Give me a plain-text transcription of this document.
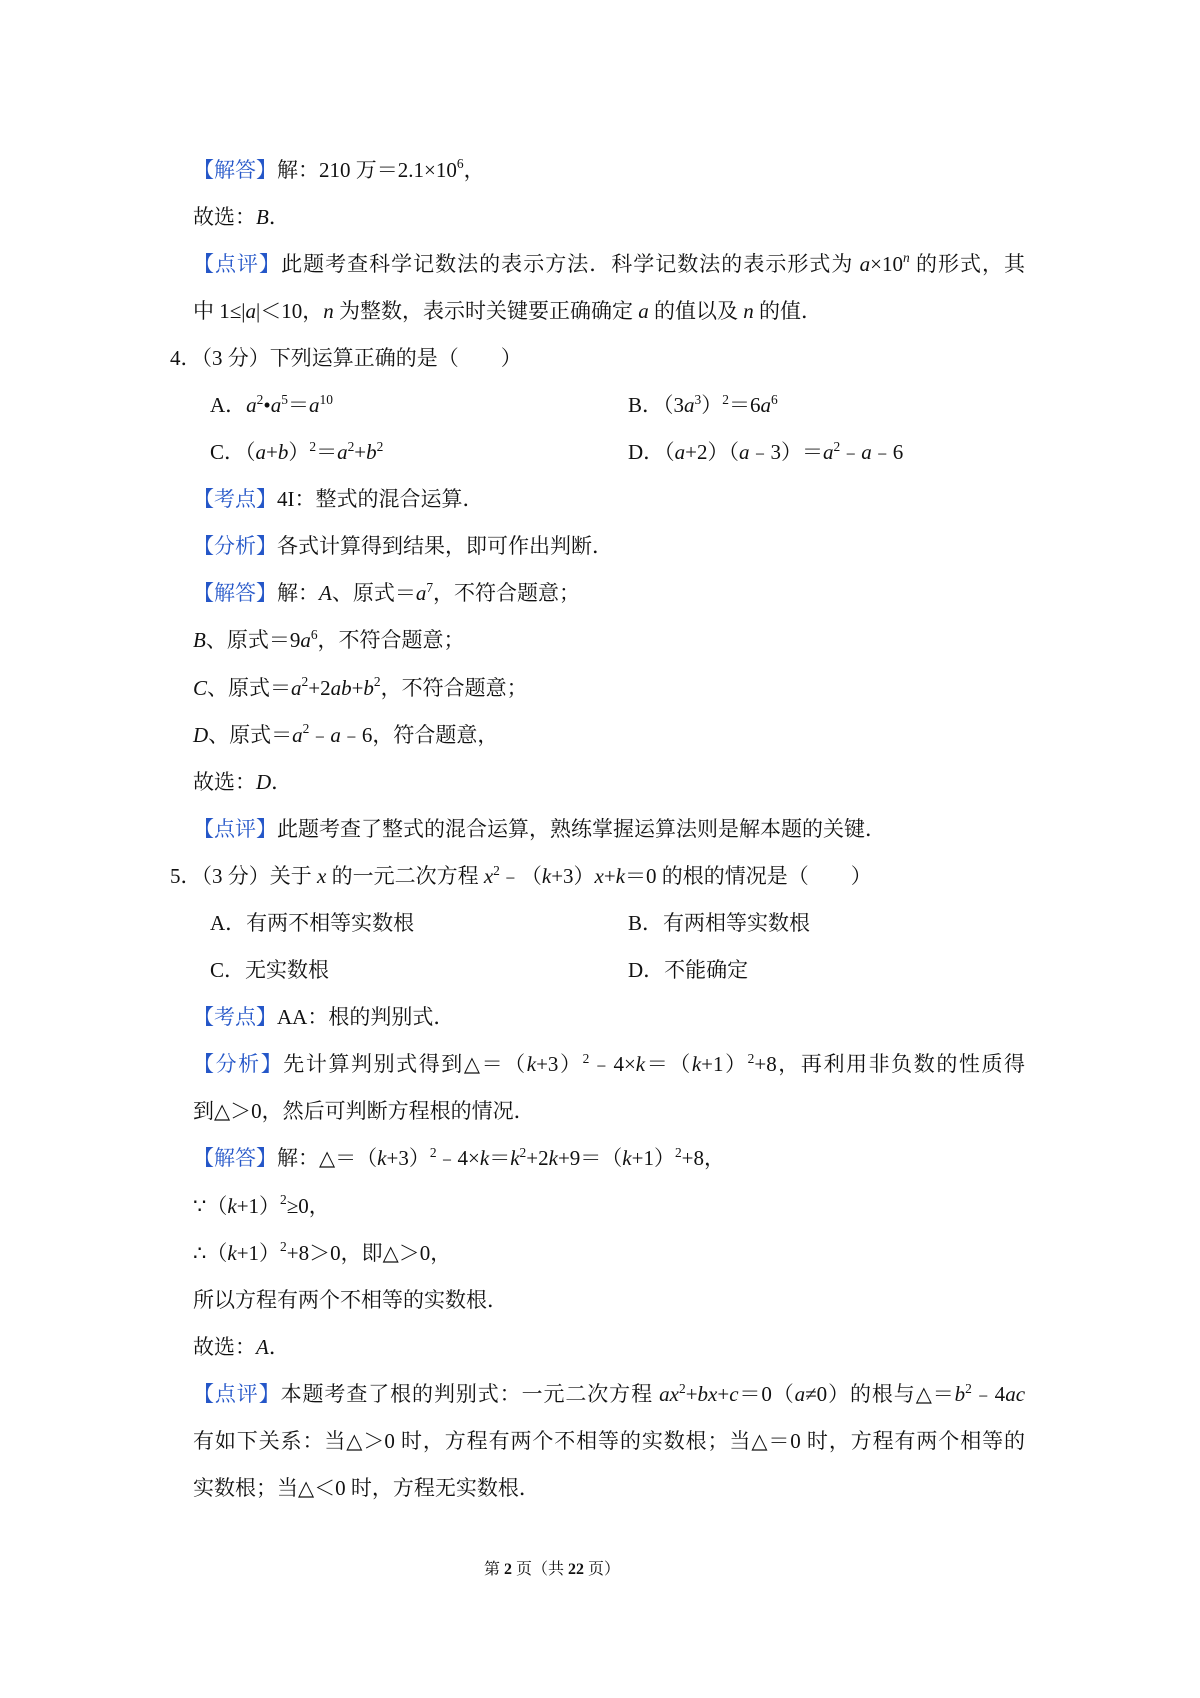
【解答】解：210 万$=2.1\times 10^6$，
故选：B．
【点评】此题考查科学记数法的表示方法．科学记数法的表示形式为 $a\times 10^n$ 的形式，其
中 1≤|a|＜10，n 为整数，表示时关键要正确确定 a 的值以及 n 的值．
4．（3 分）下列运算正确的是（　　）
A．$a^2•a^5=a^{10}$	B．$(3a^3)^2=6a^6$
C．$(a+b)^2=a^2+b^2$	D．$(a+2)(a﹣3)=a^2﹣a﹣6$
【考点】4I：整式的混合运算．
【分析】各式计算得到结果，即可作出判断．
【解答】解：A、原式$=a^7$，不符合题意；
B、原式$=9a^6$，不符合题意；
C、原式$=a^2+2ab+b^2$，不符合题意；
D、原式$=a^2﹣a﹣6$，符合题意，
故选：D．
【点评】此题考查了整式的混合运算，熟练掌握运算法则是解本题的关键．
5．（3 分）关于 x 的一元二次方程 $x^2﹣(k+3)x+k=0$ 的根的情况是（　　）
A．有两不相等实数根	B．有两相等实数根
C．无实数根	D．不能确定
【考点】AA：根的判别式．
【分析】先计算判别式得到$\triangle=(k+3)^2﹣4\times k=(k+1)^2+8$，再利用非负数的性质得
到△＞0，然后可判断方程根的情况．
【解答】解：$\triangle=(k+3)^2﹣4\times k=k^2+2k+9=(k+1)^2+8$，
$\because(k+1)^2\ge 0$，
$\therefore(k+1)^2+8>0$，即△＞0，
所以方程有两个不相等的实数根．
故选：A．
【点评】本题考查了根的判别式：一元二次方程 $ax^2+bx+c=0(a\ne 0)$的根与$\triangle=b^2﹣4ac$
有如下关系：当△＞0 时，方程有两个不相等的实数根；当△＝0 时，方程有两个相等的
实数根；当△＜0 时，方程无实数根．
第 2 页（共 22 页）
